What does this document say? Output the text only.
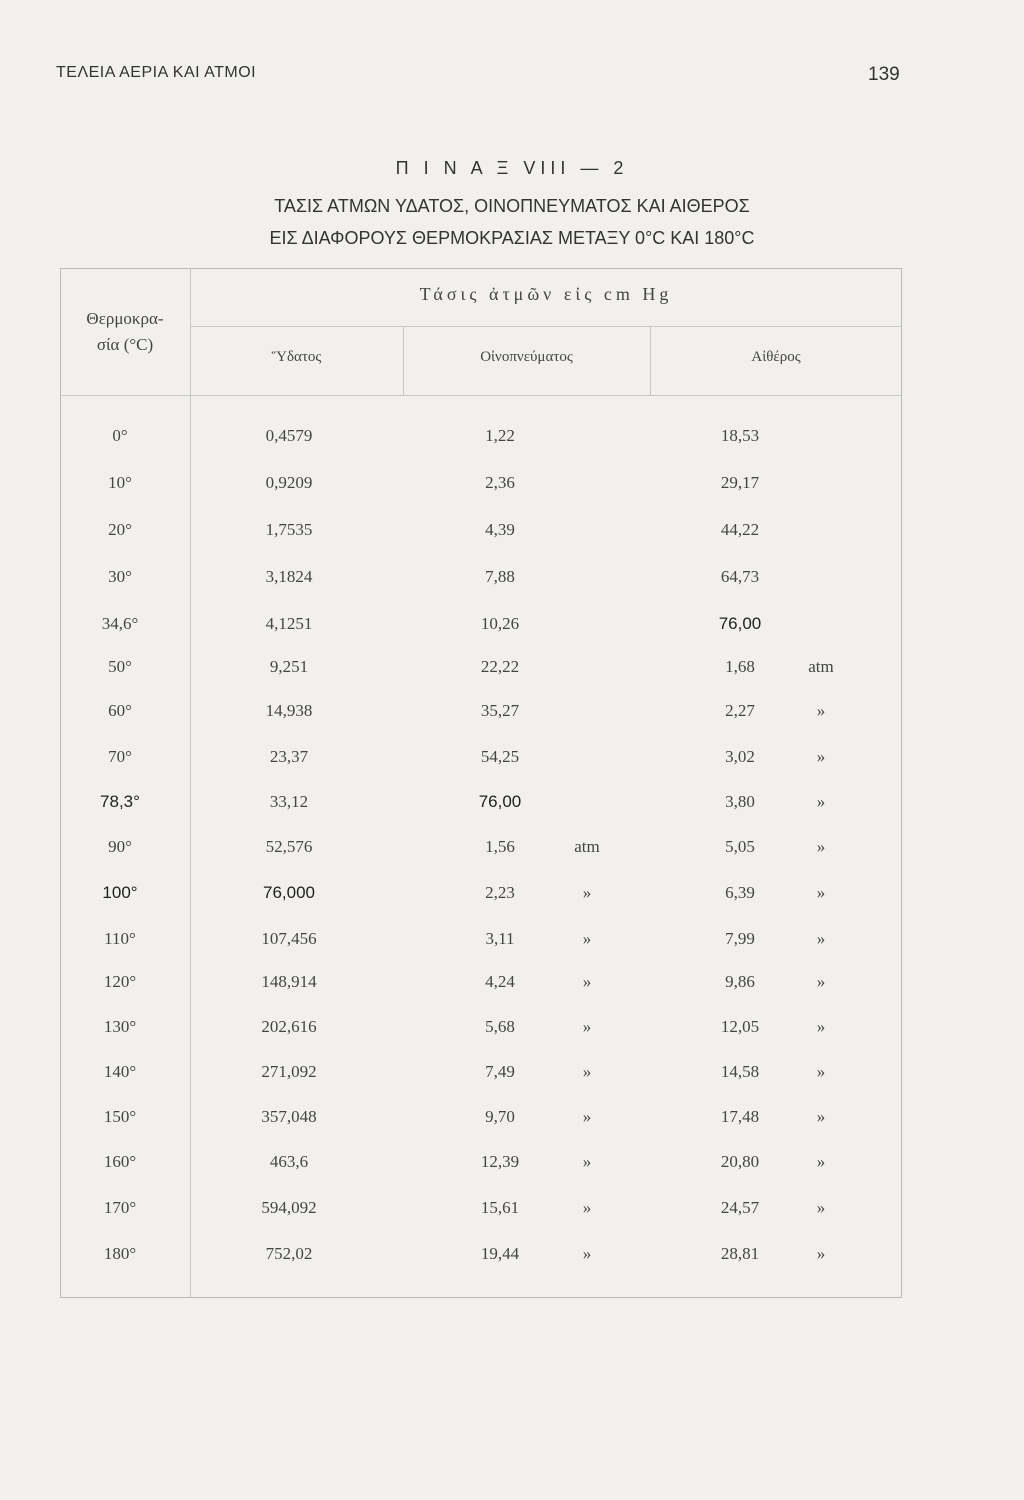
ΤΕΛΕΙΑ ΑΕΡΙΑ ΚΑΙ ΑΤΜΟΙ	139
Π Ι Ν Α Ξ VIII — 2
ΤΑΣΙΣ ΑΤΜΩΝ ΥΔΑΤΟΣ, ΟΙΝΟΠΝΕΥΜΑΤΟΣ ΚΑΙ ΑΙΘΕΡΟΣ
ΕΙΣ ΔΙΑΦΟΡΟΥΣ ΘΕΡΜΟΚΡΑΣΙΑΣ ΜΕΤΑΞΥ 0°C ΚΑΙ 180°C
Θερμοκρα-
σία (°C)
Τάσις ἀτμῶν εἰς cm Hg
Ὕδατος	Οἰνοπνεύματος	Αἰθέρος
0°	0,4579	1,22	18,53
10°	0,9209	2,36	29,17
20°	1,7535	4,39	44,22
30°	3,1824	7,88	64,73
34,6°	4,1251	10,26	76,00
50°	9,251	22,22	1,68	atm
60°	14,938	35,27	2,27	»
70°	23,37	54,25	3,02	»
78,3°	33,12	76,00	3,80	»
90°	52,576	1,56	atm	5,05	»
100°	76,000	2,23	»	6,39	»
110°	107,456	3,11	»	7,99	»
120°	148,914	4,24	»	9,86	»
130°	202,616	5,68	»	12,05	»
140°	271,092	7,49	»	14,58	»
150°	357,048	9,70	»	17,48	»
160°	463,6	12,39	»	20,80	»
170°	594,092	15,61	»	24,57	»
180°	752,02	19,44	»	28,81	»
